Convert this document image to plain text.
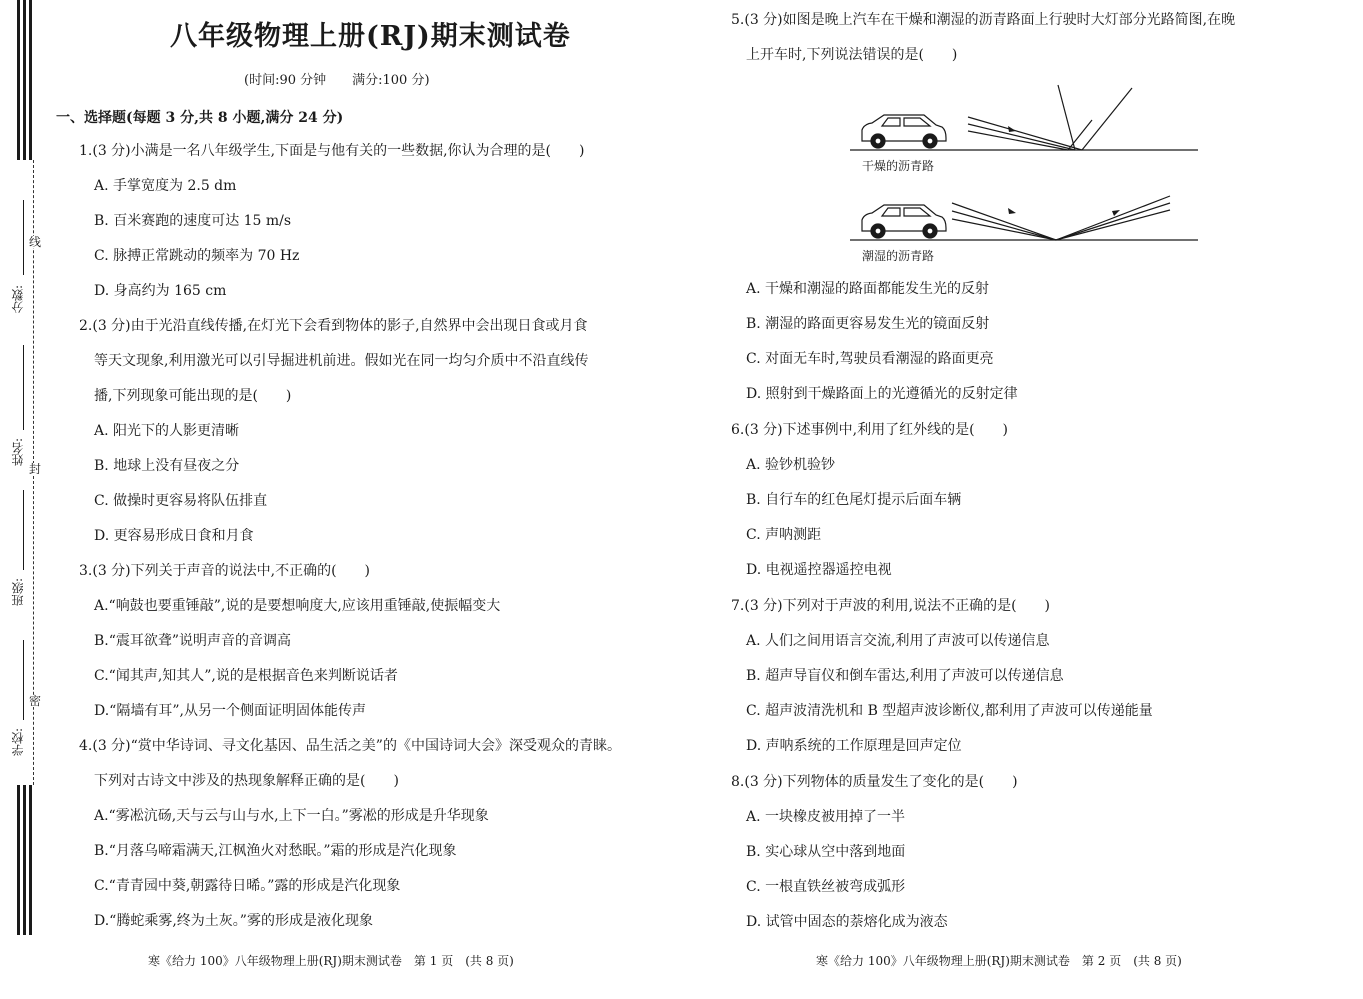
分数:
姓名:
班级:
学校:
线
封
密
八年级物理上册(RJ)期末测试卷
(时间:90 分钟　　满分:100 分)
一、选择题(每题 3 分,共 8 小题,满分 24 分)
1.(3 分)小满是一名八年级学生,下面是与他有关的一些数据,你认为合理的是(　　)
A. 手掌宽度为 2.5 dm
B. 百米赛跑的速度可达 15 m/s
C. 脉搏正常跳动的频率为 70 Hz
D. 身高约为 165 cm
2.(3 分)由于光沿直线传播,在灯光下会看到物体的影子,自然界中会出现日食或月食
等天文现象,利用激光可以引导掘进机前进。假如光在同一均匀介质中不沿直线传
播,下列现象可能出现的是(　　)
A. 阳光下的人影更清晰
B. 地球上没有昼夜之分
C. 做操时更容易将队伍排直
D. 更容易形成日食和月食
3.(3 分)下列关于声音的说法中,不正确的(　　)
A.“响鼓也要重锤敲”,说的是要想响度大,应该用重锤敲,使振幅变大
B.“震耳欲聋”说明声音的音调高
C.“闻其声,知其人”,说的是根据音色来判断说话者
D.“隔墙有耳”,从另一个侧面证明固体能传声
4.(3 分)“赏中华诗词、寻文化基因、品生活之美”的《中国诗词大会》深受观众的青睐。
下列对古诗文中涉及的热现象解释正确的是(　　)
A.“雾凇沆砀,天与云与山与水,上下一白。”雾凇的形成是升华现象
B.“月落乌啼霜满天,江枫渔火对愁眠。”霜的形成是汽化现象
C.“青青园中葵,朝露待日晞。”露的形成是汽化现象
D.“腾蛇乘雾,终为土灰。”雾的形成是液化现象
寒《给力 100》八年级物理上册(RJ)期末测试卷　第 1 页　(共 8 页)
5.(3 分)如图是晚上汽车在干燥和潮湿的沥青路面上行驶时大灯部分光路简图,在晚
上开车时,下列说法错误的是(　　)
干燥的沥青路
潮湿的沥青路
A. 干燥和潮湿的路面都能发生光的反射
B. 潮湿的路面更容易发生光的镜面反射
C. 对面无车时,驾驶员看潮湿的路面更亮
D. 照射到干燥路面上的光遵循光的反射定律
6.(3 分)下述事例中,利用了红外线的是(　　)
A. 验钞机验钞
B. 自行车的红色尾灯提示后面车辆
C. 声呐测距
D. 电视遥控器遥控电视
7.(3 分)下列对于声波的利用,说法不正确的是(　　)
A. 人们之间用语言交流,利用了声波可以传递信息
B. 超声导盲仪和倒车雷达,利用了声波可以传递信息
C. 超声波清洗机和 B 型超声波诊断仪,都利用了声波可以传递能量
D. 声呐系统的工作原理是回声定位
8.(3 分)下列物体的质量发生了变化的是(　　)
A. 一块橡皮被用掉了一半
B. 实心球从空中落到地面
C. 一根直铁丝被弯成弧形
D. 试管中固态的萘熔化成为液态
寒《给力 100》八年级物理上册(RJ)期末测试卷　第 2 页　(共 8 页)
